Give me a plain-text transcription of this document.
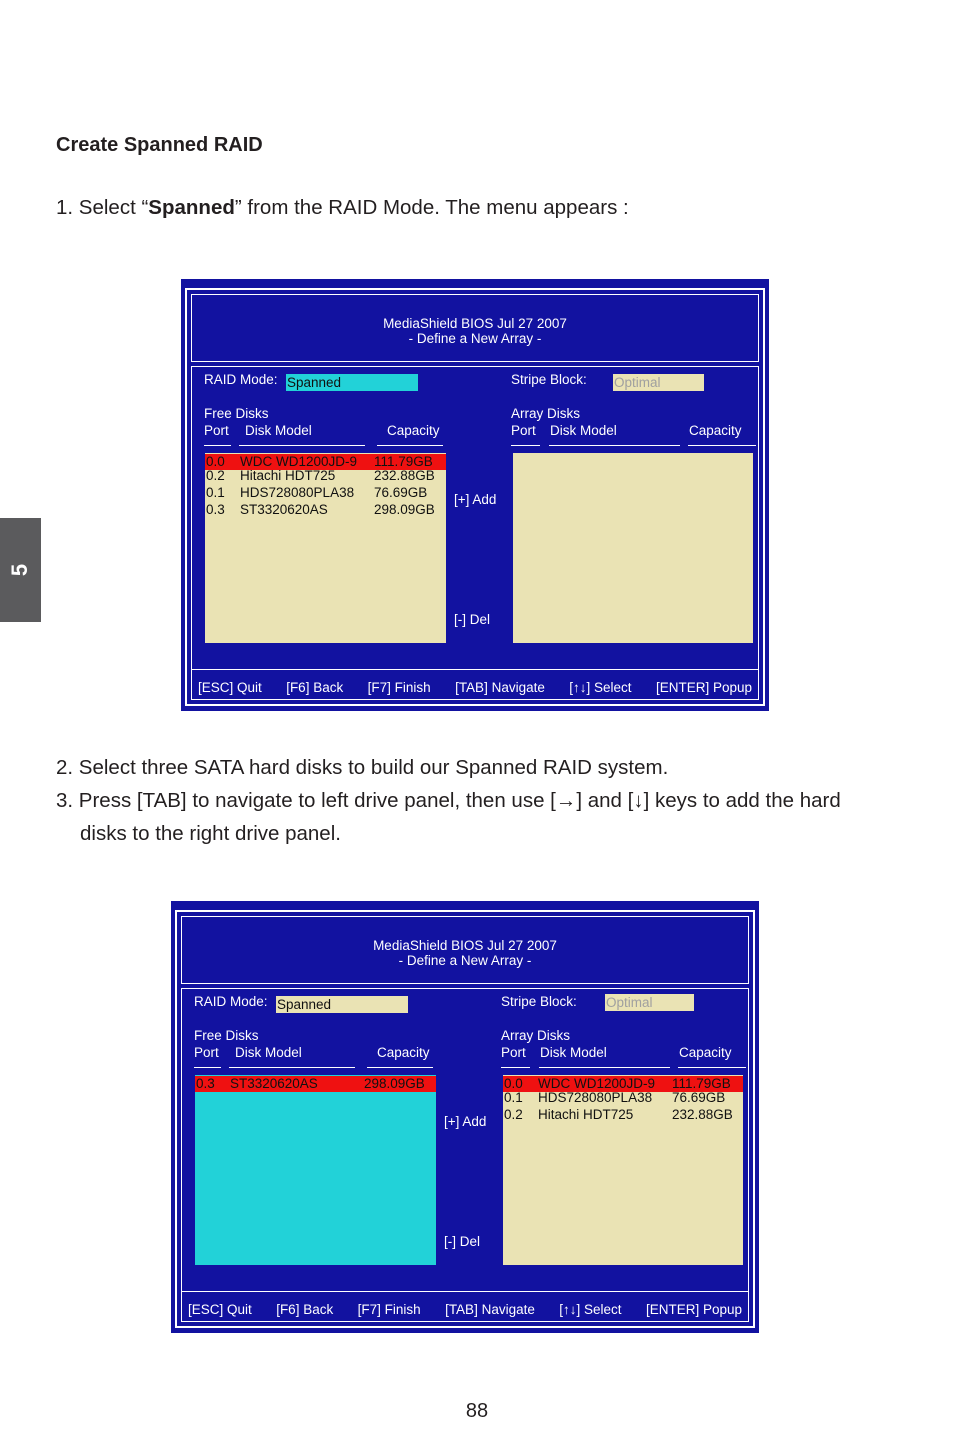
Create Spanned RAID
1. Select “Spanned” from the RAID Mode. The menu appears :
MediaShield BIOS Jul 27 2007
- Define a New Array -
RAID Mode: Spanned	Stripe Block: Optimal
Free Disks
Port Disk Model	Capacity
Array Disks
Port Disk Model	Capacity
0.0 WDC WD1200JD-9 111.79GB
0.2 Hitachi HDT725	232.88GB
0.1 HDS728080PLA38 76.69GB
0.3 ST3320620AS	298.09GB
[+] Add
[-] Del
[ESC] Quit [F6] Back [F7] Finish [TAB] Navigate [↑↓] Select [ENTER] Popup
2. Select three SATA hard disks to build our Spanned RAID system.
3. Press [TAB] to navigate to left drive panel, then use [→] and [↓] keys to add the hard
disks to the right drive panel.
MediaShield BIOS Jul 27 2007
- Define a New Array -
RAID Mode: Spanned	Stripe Block: Optimal
Free Disks
Port Disk Model	Capacity
Array Disks
Port Disk Model	Capacity
0.3 ST3320620AS	298.09GB
[+] Add
[-] Del
0.0 WDC WD1200JD-9 111.79GB
0.1 HDS728080PLA38 76.69GB
0.2 Hitachi HDT725	232.88GB
[ESC] Quit [F6] Back [F7] Finish [TAB] Navigate [↑↓] Select [ENTER] Popup
5
88
